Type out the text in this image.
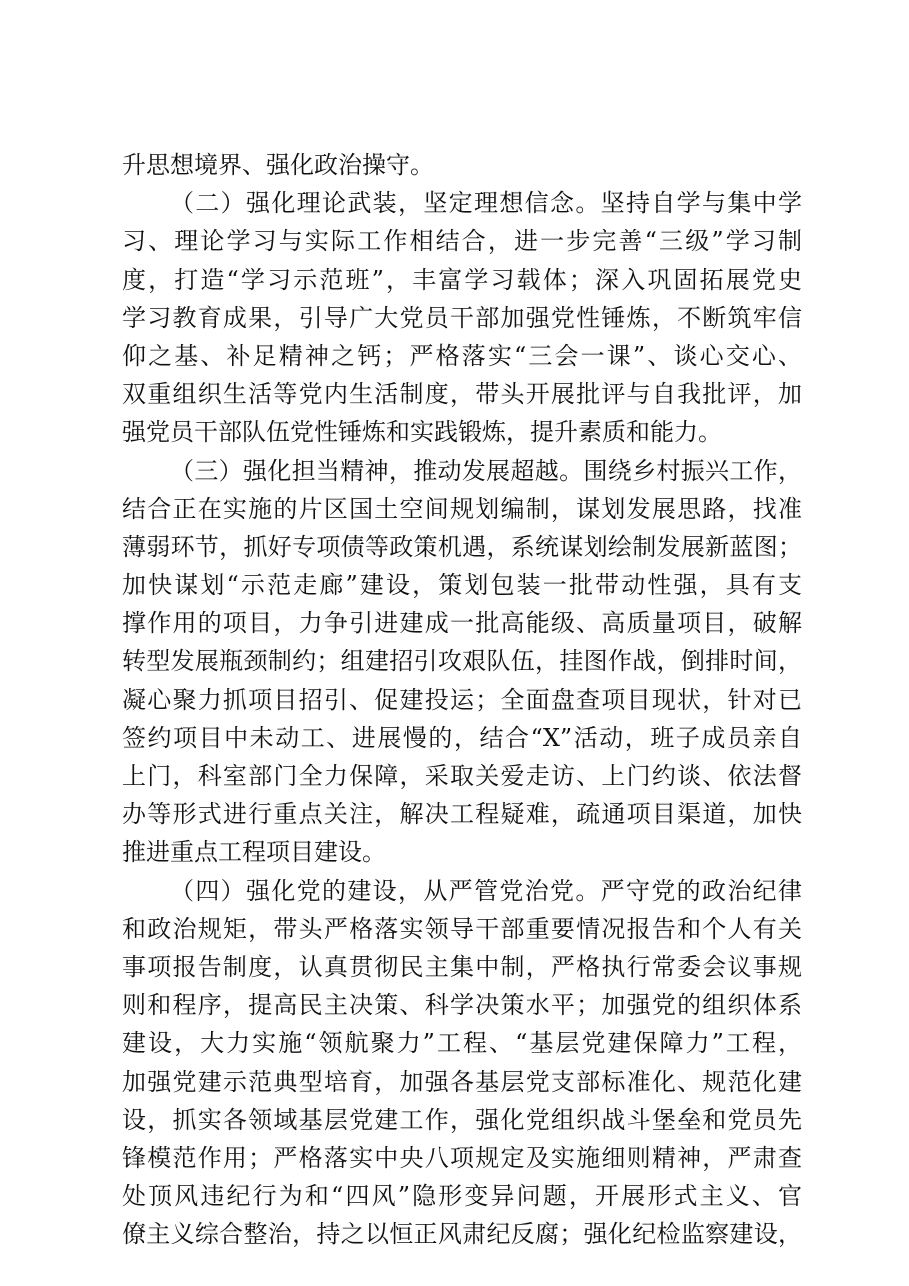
升思想境界、强化政治操守。
（二）强化理论武装，坚定理想信念。坚持自学与集中学
习、理论学习与实际工作相结合，进一步完善“三级”学习制
度，打造“学习示范班”，丰富学习载体；深入巩固拓展党史
学习教育成果，引导广大党员干部加强党性锤炼，不断筑牢信
仰之基、补足精神之钙；严格落实“三会一课”、谈心交心、
双重组织生活等党内生活制度，带头开展批评与自我批评，加
强党员干部队伍党性锤炼和实践锻炼，提升素质和能力。
（三）强化担当精神，推动发展超越。围绕乡村振兴工作，
结合正在实施的片区国土空间规划编制，谋划发展思路，找准
薄弱环节，抓好专项债等政策机遇，系统谋划绘制发展新蓝图；
加快谋划“示范走廊”建设，策划包装一批带动性强，具有支
撑作用的项目，力争引进建成一批高能级、高质量项目，破解
转型发展瓶颈制约；组建招引攻艰队伍，挂图作战，倒排时间，
凝心聚力抓项目招引、促建投运；全面盘查项目现状，针对已
签约项目中未动工、进展慢的，结合“X”活动，班子成员亲自
上门，科室部门全力保障，采取关爱走访、上门约谈、依法督
办等形式进行重点关注，解决工程疑难，疏通项目渠道，加快
推进重点工程项目建设。
（四）强化党的建设，从严管党治党。严守党的政治纪律
和政治规矩，带头严格落实领导干部重要情况报告和个人有关
事项报告制度，认真贯彻民主集中制，严格执行常委会议事规
则和程序，提高民主决策、科学决策水平；加强党的组织体系
建设，大力实施“领航聚力”工程、“基层党建保障力”工程，
加强党建示范典型培育，加强各基层党支部标准化、规范化建
设，抓实各领域基层党建工作，强化党组织战斗堡垒和党员先
锋模范作用；严格落实中央八项规定及实施细则精神，严肃查
处顶风违纪行为和“四风”隐形变异问题，开展形式主义、官
僚主义综合整治，持之以恒正风肃纪反腐；强化纪检监察建设，
